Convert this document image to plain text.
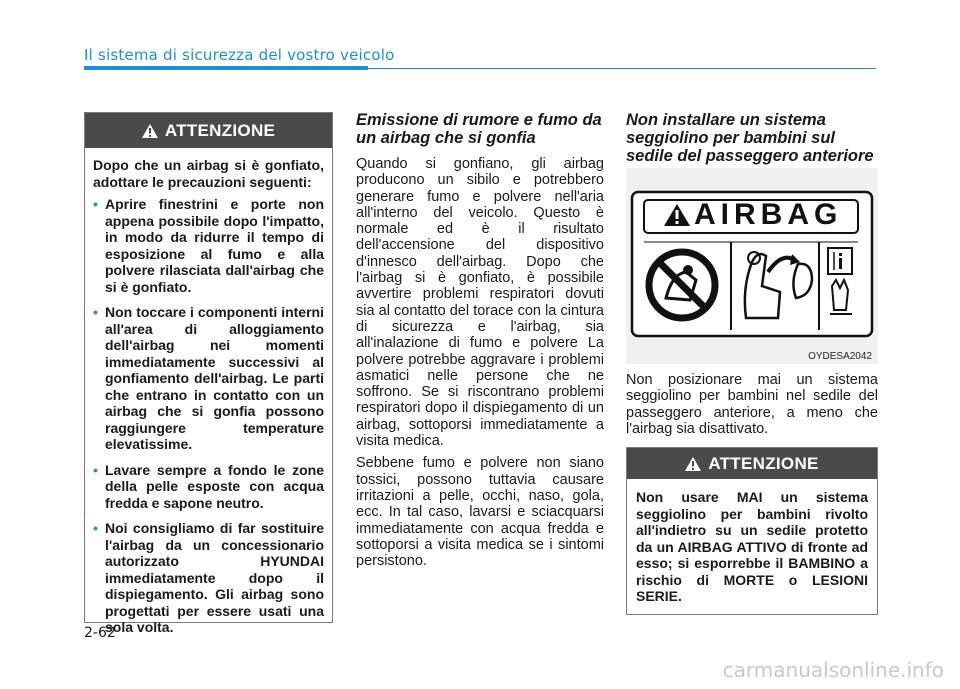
Il sistema di sicurezza del vostro veicolo
ATTENZIONE

Dopo che un airbag si è gonfiato, adottare le precauzioni seguenti:

• Aprire finestrini e porte non appena possibile dopo l'impatto, in modo da ridurre il tempo di esposizione al fumo e alla polvere rilasciata dall'airbag che si è gonfiato.
• Non toccare i componenti interni all'area di alloggiamento dell'airbag nei momenti immediatamente successivi al gonfiamento dell'airbag. Le parti che entrano in contatto con un airbag che si gonfia possono raggiungere temperature elevatissime.
• Lavare sempre a fondo le zone della pelle esposte con acqua fredda e sapone neutro.
• Noi consigliamo di far sostituire l'airbag da un concessionario autorizzato HYUNDAI immediatamente dopo il dispiegamento. Gli airbag sono progettati per essere usati una sola volta.
Emissione di rumore e fumo da un airbag che si gonfia

Quando si gonfiano, gli airbag producono un sibilo e potrebbero generare fumo e polvere nell'aria all'interno del veicolo. Questo è normale ed è il risultato dell'accensione del dispositivo d'innesco dell'airbag. Dopo che l'airbag si è gonfiato, è possibile avvertire problemi respiratori dovuti sia al contatto del torace con la cintura di sicurezza e l'airbag, sia all'inalazione di fumo e polvere La polvere potrebbe aggravare i problemi asmatici nelle persone che ne soffrono. Se si riscontrano problemi respiratori dopo il dispiegamento di un airbag, sottoporsi immediatamente a visita medica.

Sebbene fumo e polvere non siano tossici, possono tuttavia causare irritazioni a pelle, occhi, naso, gola, ecc. In tal caso, lavarsi e sciacquarsi immediatamente con acqua fredda e sottoporsi a visita medica se i sintomi persistono.

Non installare un sistema seggiolino per bambini sul sedile del passeggero anteriore
AIRBAG
OYDESA2042

Non posizionare mai un sistema seggiolino per bambini nel sedile del passeggero anteriore, a meno che l'airbag sia disattivato.

ATTENZIONE

Non usare MAI un sistema seggiolino per bambini rivolto all'indietro su un sedile protetto da un AIRBAG ATTIVO di fronte ad esso; si esporrebbe il BAMBINO a rischio di MORTE o LESIONI SERIE.

2-62
carmanualsonline.info
